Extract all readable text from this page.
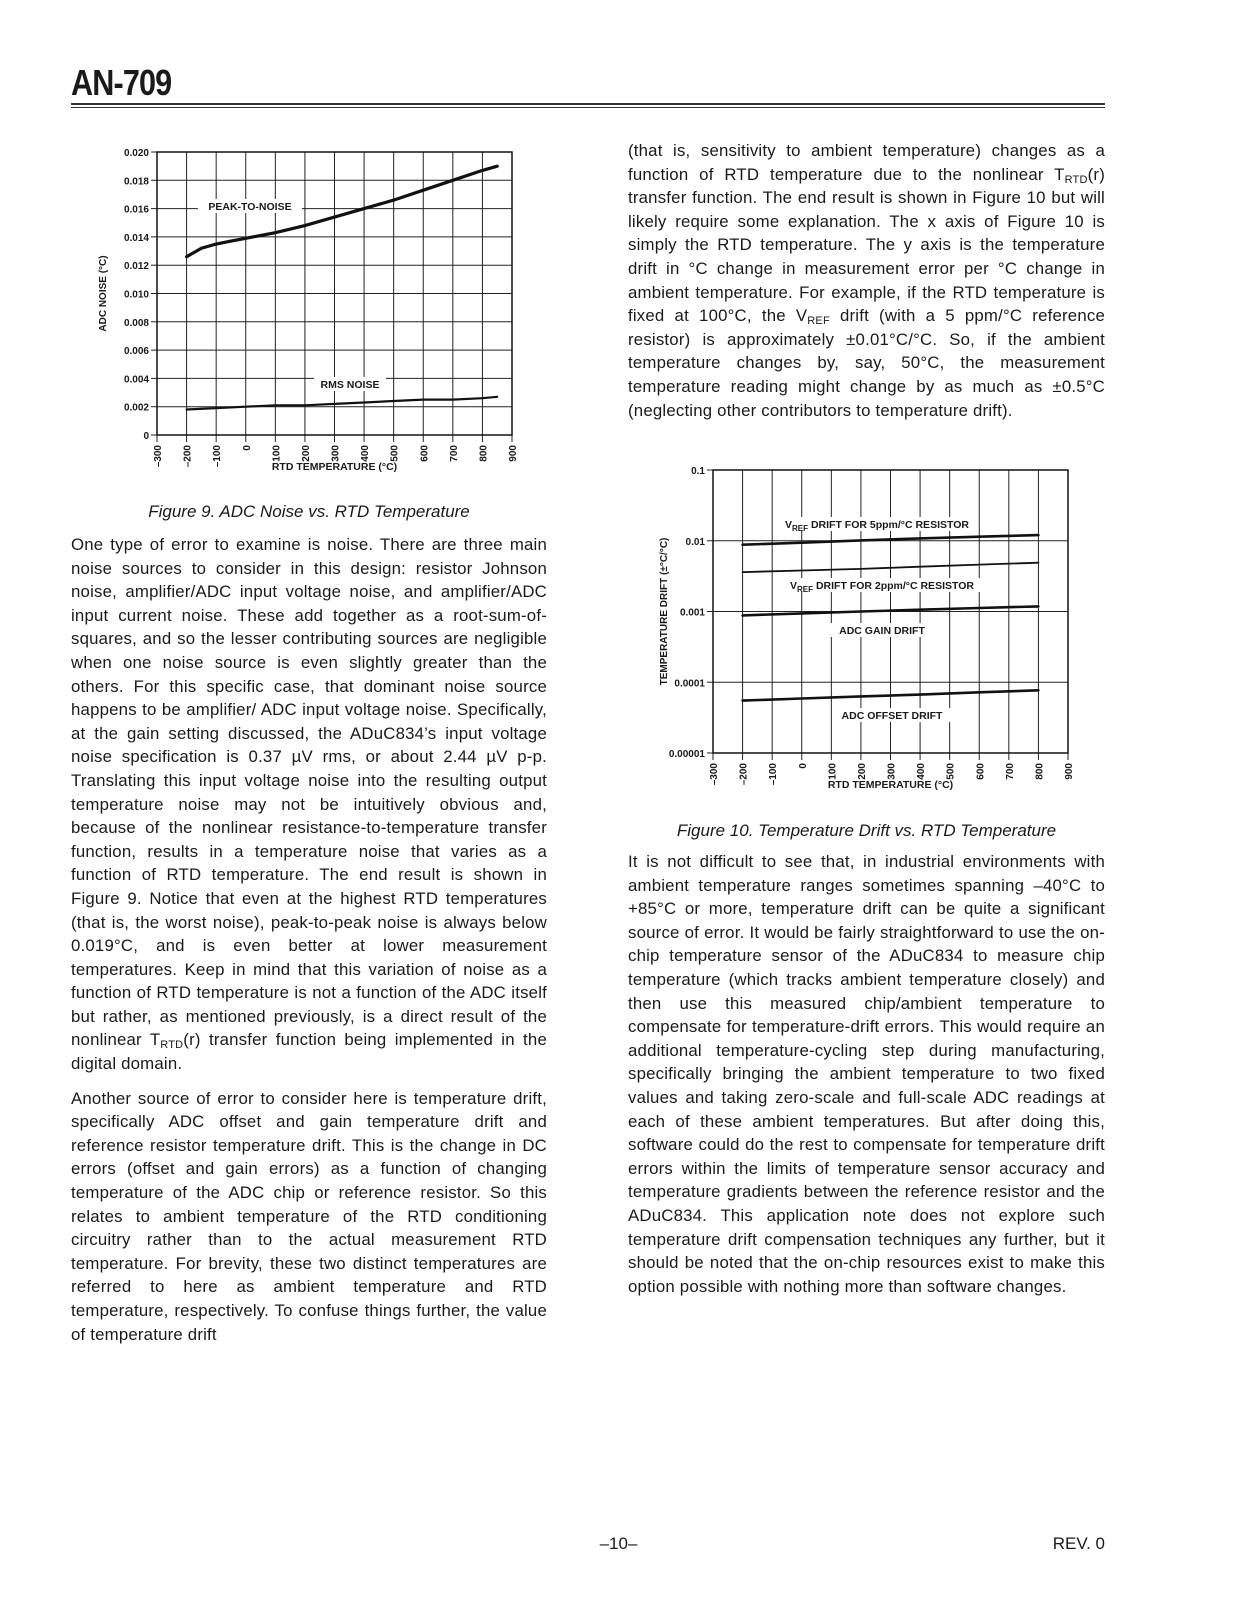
AN-709
–300 –200 –100 0 100 200 300 400 500 600 700 800 900
0
0.002
0.004
0.006
0.008
0.010
0.012
0.014
0.016
0.018
0.020
RTD TEMPERATURE (°C)
ADC NOISE (°C)
PEAK-TO-NOISE
RMS NOISE
Figure 9. ADC Noise vs. RTD Temperature

One type of error to examine is noise. There are three main noise sources to consider in this design: resistor Johnson noise, amplifier/ADC input voltage noise, and amplifier/ADC input current noise. These add together as a root-sum-of-squares, and so the lesser contributing sources are negligible when one noise source is even slightly greater than the others. For this specific case, that dominant noise source happens to be amplifier/ ADC input voltage noise. Specifically, at the gain setting discussed, the ADuC834’s input voltage noise specification is 0.37 µV rms, or about 2.44 µV p-p. Translating this input voltage noise into the resulting output temperature noise may not be intuitively obvious and, because of the nonlinear resistance-to-temperature transfer function, results in a temperature noise that varies as a function of RTD temperature. The end result is shown in Figure 9. Notice that even at the highest RTD temperatures (that is, the worst noise), peak-to-peak noise is always below 0.019°C, and is even better at lower measurement temperatures. Keep in mind that this variation of noise as a function of RTD temperature is not a function of the ADC itself but rather, as mentioned previously, is a direct result of the nonlinear $T_{RTD}(r)$ transfer function being implemented in the digital domain.

Another source of error to consider here is temperature drift, specifically ADC offset and gain temperature drift and reference resistor temperature drift. This is the change in DC errors (offset and gain errors) as a function of changing temperature of the ADC chip or reference resistor. So this relates to ambient temperature of the RTD conditioning circuitry rather than to the actual measurement RTD temperature. For brevity, these two distinct temperatures are referred to here as ambient temperature and RTD temperature, respectively. To confuse things further, the value of temperature drift

(that is, sensitivity to ambient temperature) changes as a function of RTD temperature due to the nonlinear $T_{RTD}(r)$ transfer function. The end result is shown in Figure 10 but will likely require some explanation. The x axis of Figure 10 is simply the RTD temperature. The y axis is the temperature drift in °C change in measurement error per °C change in ambient temperature. For example, if the RTD temperature is fixed at 100°C, the $V_{REF}$ drift (with a 5 ppm/°C reference resistor) is approximately ±0.01°C/°C. So, if the ambient temperature changes by, say, 50°C, the measurement temperature reading might change by as much as ±0.5°C (neglecting other contributors to temperature drift).

–300 –200 –100 0 100 200 300 400 500 600 700 800 900
0.00001
0.0001
0.001
0.01
0.1
RTD TEMPERATURE (°C)
TEMPERATURE DRIFT (±°C/°C)
$V_{REF}$ DRIFT FOR 5ppm/°C RESISTOR
$V_{REF}$ DRIFT FOR 2ppm/°C RESISTOR
ADC GAIN DRIFT
ADC OFFSET DRIFT
Figure 10. Temperature Drift vs. RTD Temperature

It is not difficult to see that, in industrial environments with ambient temperature ranges sometimes spanning –40°C to +85°C or more, temperature drift can be quite a significant source of error. It would be fairly straightforward to use the on-chip temperature sensor of the ADuC834 to measure chip temperature (which tracks ambient temperature closely) and then use this measured chip/ambient temperature to compensate for temperature-drift errors. This would require an additional temperature-cycling step during manufacturing, specifically bringing the ambient temperature to two fixed values and taking zero-scale and full-scale ADC readings at each of these ambient temperatures. But after doing this, software could do the rest to compensate for temperature drift errors within the limits of temperature sensor accuracy and temperature gradients between the reference resistor and the ADuC834. This application note does not explore such temperature drift compensation techniques any further, but it should be noted that the on-chip resources exist to make this option possible with nothing more than software changes.

–10–	REV. 0
